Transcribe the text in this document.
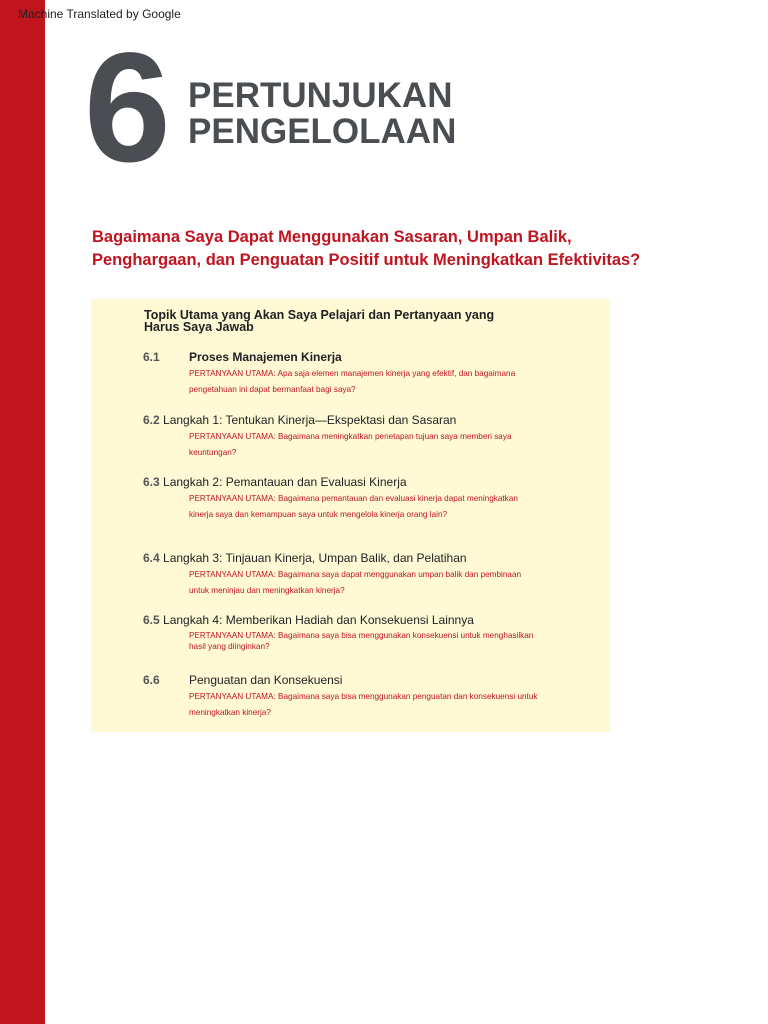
Machine Translated by Google
6 PERTUNJUKAN
PENGELOLAAN

Bagaimana Saya Dapat Menggunakan Sasaran, Umpan Balik,
Penghargaan, dan Penguatan Positif untuk Meningkatkan Efektivitas?

Topik Utama yang Akan Saya Pelajari dan Pertanyaan yang
Harus Saya Jawab
6.1 Proses Manajemen Kinerja
PERTANYAAN UTAMA: Apa saja elemen manajemen kinerja yang efektif, dan bagaimana
pengetahuan ini dapat bermanfaat bagi saya?
6.2 Langkah 1: Tentukan Kinerja—Ekspektasi dan Sasaran
PERTANYAAN UTAMA: Bagaimana meningkatkan penetapan tujuan saya memberi saya
keuntungan?
6.3 Langkah 2: Pemantauan dan Evaluasi Kinerja
PERTANYAAN UTAMA: Bagaimana pemantauan dan evaluasi kinerja dapat meningkatkan
kinerja saya dan kemampuan saya untuk mengelola kinerja orang lain?
6.4 Langkah 3: Tinjauan Kinerja, Umpan Balik, dan Pelatihan
PERTANYAAN UTAMA: Bagaimana saya dapat menggunakan umpan balik dan pembinaan
untuk meninjau dan meningkatkan kinerja?
6.5 Langkah 4: Memberikan Hadiah dan Konsekuensi Lainnya
PERTANYAAN UTAMA: Bagaimana saya bisa menggunakan konsekuensi untuk menghasilkan
hasil yang diinginkan?
6.6 Penguatan dan Konsekuensi
PERTANYAAN UTAMA: Bagaimana saya bisa menggunakan penguatan dan konsekuensi untuk
meningkatkan kinerja?
